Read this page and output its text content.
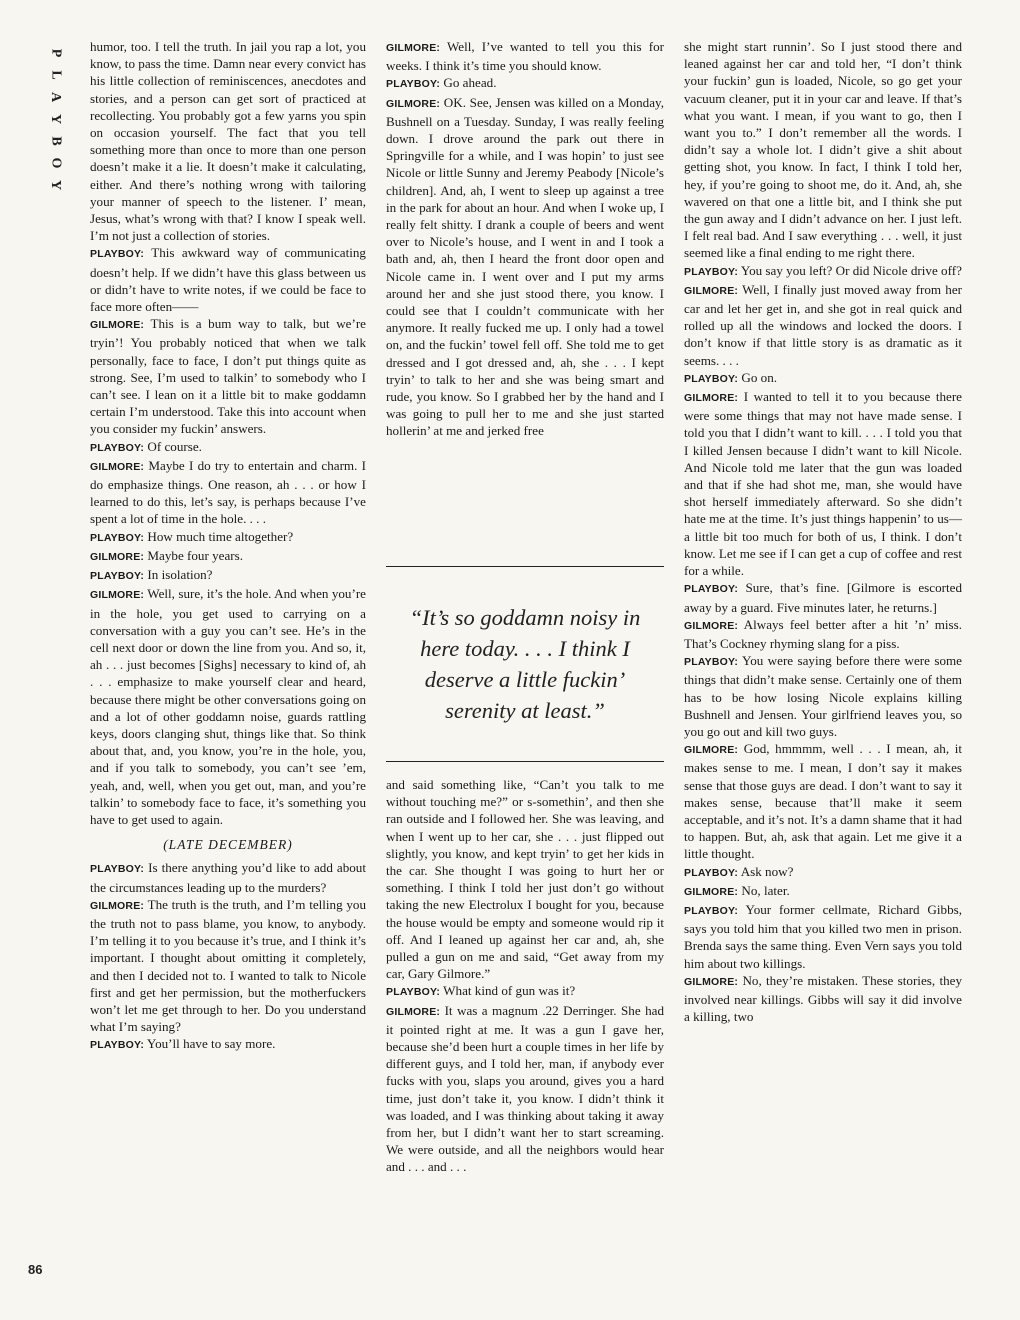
P
L
A
Y
B
O
Y
86

humor, too. I tell the truth. In jail you rap a lot, you know, to pass the time. Damn near every convict has his little collection of reminiscences, anecdotes and stories, and a person can get sort of practiced at recollecting. You probably got a few yarns you spin on occasion yourself. The fact that you tell something more than once to more than one person doesn’t make it a lie. It doesn’t make it calculating, either. And there’s nothing wrong with tailoring your manner of speech to the listener. I’ mean, Jesus, what’s wrong with that? I know I speak well. I’m not just a collection of stories.

PLAYBOY: This awkward way of communicating doesn’t help. If we didn’t have this glass between us or didn’t have to write notes, if we could be face to face more often——

GILMORE: This is a bum way to talk, but we’re tryin’! You probably noticed that when we talk personally, face to face, I don’t put things quite as strong. See, I’m used to talkin’ to somebody who I can’t see. I lean on it a little bit to make goddamn certain I’m understood. Take this into account when you consider my fuckin’ answers.

PLAYBOY: Of course.

GILMORE: Maybe I do try to entertain and charm. I do emphasize things. One reason, ah . . . or how I learned to do this, let’s say, is perhaps because I’ve spent a lot of time in the hole. . . .

PLAYBOY: How much time altogether?

GILMORE: Maybe four years.

PLAYBOY: In isolation?

GILMORE: Well, sure, it’s the hole. And when you’re in the hole, you get used to carrying on a conversation with a guy you can’t see. He’s in the cell next door or down the line from you. And so, it, ah . . . just becomes [Sighs] necessary to kind of, ah . . . emphasize to make yourself clear and heard, because there might be other conversations going on and a lot of other goddamn noise, guards rattling keys, doors clanging shut, things like that. So think about that, and, you know, you’re in the hole, you, and if you talk to somebody, you can’t see ’em, yeah, and, well, when you get out, man, and you’re talkin’ to somebody face to face, it’s something you have to get used to again.

(LATE DECEMBER)

PLAYBOY: Is there anything you’d like to add about the circumstances leading up to the murders?

GILMORE: The truth is the truth, and I’m telling you the truth not to pass blame, you know, to anybody. I’m telling it to you because it’s true, and I think it’s important. I thought about omitting it completely, and then I decided not to. I wanted to talk to Nicole first and get her permission, but the motherfuckers won’t let me get through to her. Do you understand what I’m saying?

PLAYBOY: You’ll have to say more.

GILMORE: Well, I’ve wanted to tell you this for weeks. I think it’s time you should know.

PLAYBOY: Go ahead.

GILMORE: OK. See, Jensen was killed on a Monday, Bushnell on a Tuesday. Sunday, I was really feeling down. I drove around the park out there in Springville for a while, and I was hopin’ to just see Nicole or little Sunny and Jeremy Peabody [Nicole’s children]. And, ah, I went to sleep up against a tree in the park for about an hour. And when I woke up, I really felt shitty. I drank a couple of beers and went over to Nicole’s house, and I went in and I took a bath and, ah, then I heard the front door open and Nicole came in. I went over and I put my arms around her and she just stood there, you know. I could see that I couldn’t communicate with her anymore. It really fucked me up. I only had a towel on, and the fuckin’ towel fell off. She told me to get dressed and I got dressed and, ah, she . . . I kept tryin’ to talk to her and she was being smart and rude, you know. So I grabbed her by the hand and I was going to pull her to me and she just started hollerin’ at me and jerked free

“It’s so goddamn noisy in here today. . . . I think I deserve a little fuckin’ serenity at least.”

and said something like, “Can’t you talk to me without touching me?” or s-somethin’, and then she ran outside and I followed her. She was leaving, and when I went up to her car, she . . . just flipped out slightly, you know, and kept tryin’ to get her kids in the car. She thought I was going to hurt her or something. I think I told her just don’t go without taking the new Electrolux I bought for you, because the house would be empty and someone would rip it off. And I leaned up against her car and, ah, she pulled a gun on me and said, “Get away from my car, Gary Gilmore.”

PLAYBOY: What kind of gun was it?

GILMORE: It was a magnum .22 Derringer. She had it pointed right at me. It was a gun I gave her, because she’d been hurt a couple times in her life by different guys, and I told her, man, if anybody ever fucks with you, slaps you around, gives you a hard time, just don’t take it, you know. I didn’t think it was loaded, and I was thinking about taking it away from her, but I didn’t want her to start screaming. We were outside, and all the neighbors would hear and . . . and . . .

she might start runnin’. So I just stood there and leaned against her car and told her, “I don’t think your fuckin’ gun is loaded, Nicole, so go get your vacuum cleaner, put it in your car and leave. If that’s what you want. I mean, if you want to go, then I want you to.” I don’t remember all the words. I didn’t say a whole lot. I didn’t give a shit about getting shot, you know. In fact, I think I told her, hey, if you’re going to shoot me, do it. And, ah, she wavered on that one a little bit, and I think she put the gun away and I didn’t advance on her. I just left. I felt real bad. And I saw everything . . . well, it just seemed like a final ending to me right there.

PLAYBOY: You say you left? Or did Nicole drive off?

GILMORE: Well, I finally just moved away from her car and let her get in, and she got in real quick and rolled up all the windows and locked the doors. I don’t know if that little story is as dramatic as it seems. . . .

PLAYBOY: Go on.

GILMORE: I wanted to tell it to you because there were some things that may not have made sense. I told you that I didn’t want to kill. . . . I told you that I killed Jensen because I didn’t want to kill Nicole. And Nicole told me later that the gun was loaded and that if she had shot me, man, she would have shot herself immediately afterward. So she didn’t hate me at the time. It’s just things happenin’ to us—a little bit too much for both of us, I think. I don’t know. Let me see if I can get a cup of coffee and rest for a while.

PLAYBOY: Sure, that’s fine. [Gilmore is escorted away by a guard. Five minutes later, he returns.]

GILMORE: Always feel better after a hit ’n’ miss. That’s Cockney rhyming slang for a piss.

PLAYBOY: You were saying before there were some things that didn’t make sense. Certainly one of them has to be how losing Nicole explains killing Bushnell and Jensen. Your girlfriend leaves you, so you go out and kill two guys.

GILMORE: God, hmmmm, well . . . I mean, ah, it makes sense to me. I mean, I don’t say it makes sense that those guys are dead. I don’t want to say it makes sense, because that’ll make it seem acceptable, and it’s not. It’s a damn shame that it had to happen. But, ah, ask that again. Let me give it a little thought.

PLAYBOY: Ask now?

GILMORE: No, later.

PLAYBOY: Your former cellmate, Richard Gibbs, says you told him that you killed two men in prison. Brenda says the same thing. Even Vern says you told him about two killings.

GILMORE: No, they’re mistaken. These stories, they involved near killings. Gibbs will say it did involve a killing, two
